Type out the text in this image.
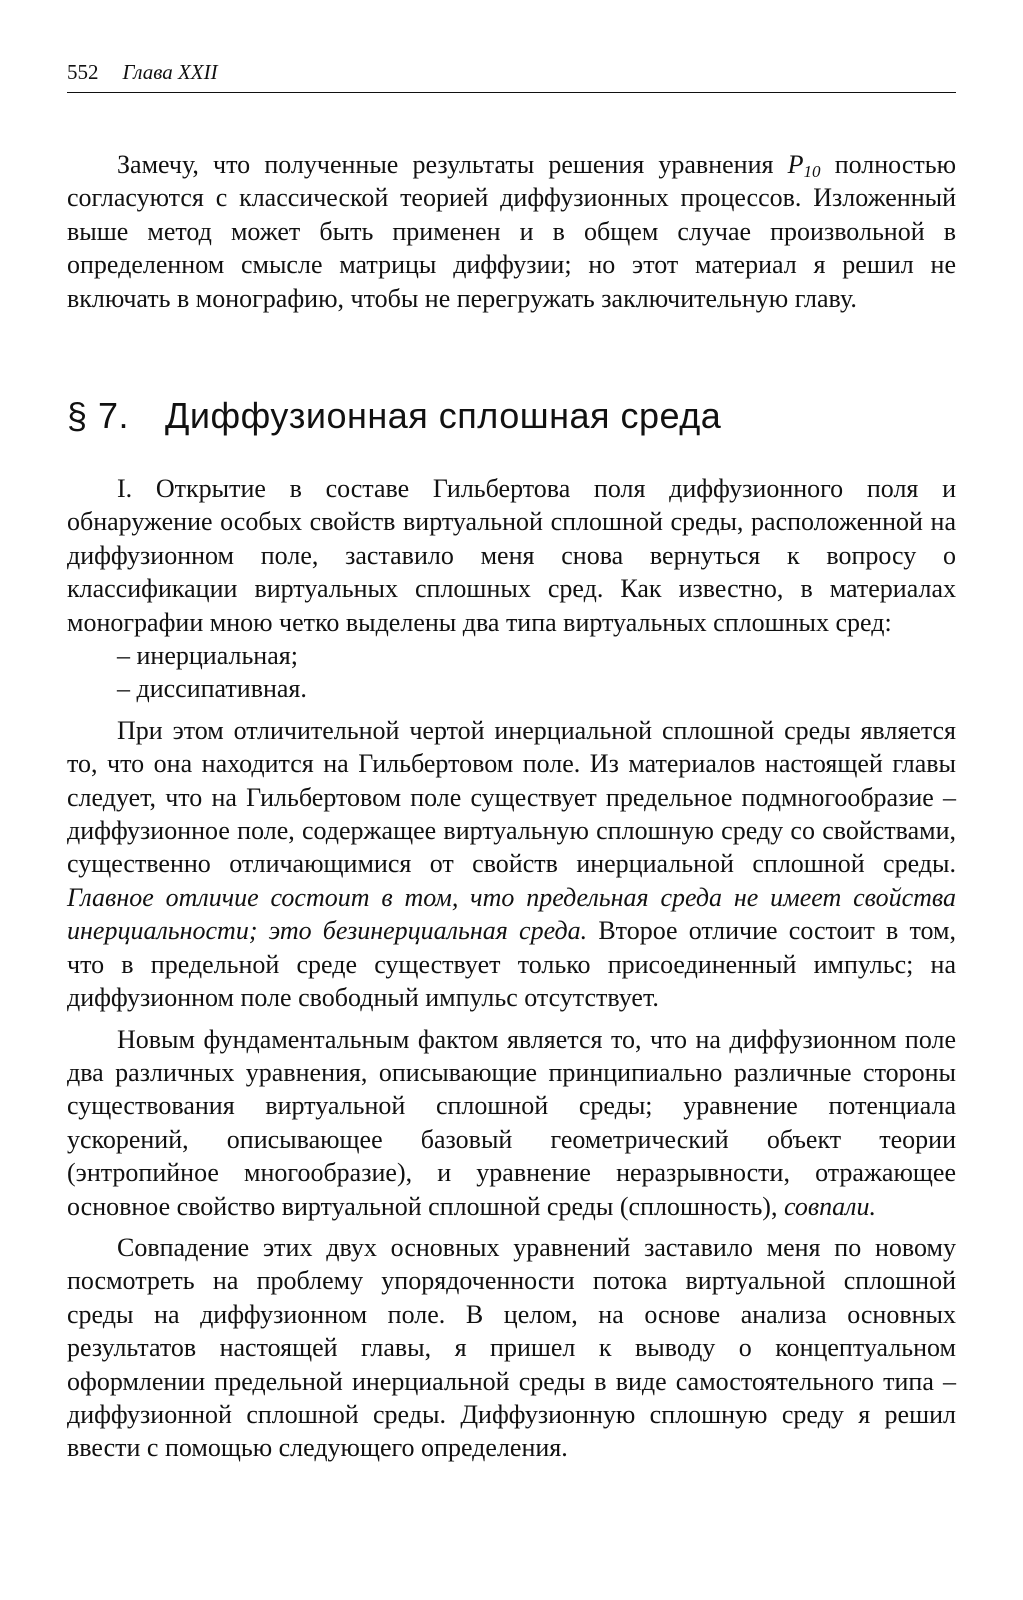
552 Глава XXII

Замечу, что полученные результаты решения уравнения $P_{10}$ полностью согласуются с классической теорией диффузионных процессов. Изложенный выше метод может быть применен и в общем случае произвольной в определенном смысле матрицы диффузии; но этот материал я решил не включать в монографию, чтобы не перегружать заключительную главу.

§ 7. Диффузионная сплошная среда

I. Открытие в составе Гильбертова поля диффузионного поля и обнаружение особых свойств виртуальной сплошной среды, расположенной на диффузионном поле, заставило меня снова вернуться к вопросу о классификации виртуальных сплошных сред. Как известно, в материалах монографии мною четко выделены два типа виртуальных сплошных сред:

– инерциальная;

– диссипативная.

При этом отличительной чертой инерциальной сплошной среды является то, что она находится на Гильбертовом поле. Из материалов настоящей главы следует, что на Гильбертовом поле существует предельное подмногообразие – диффузионное поле, содержащее виртуальную сплошную среду со свойствами, существенно отличающимися от свойств инерциальной сплошной среды. Главное отличие состоит в том, что предельная среда не имеет свойства инерциальности; это безинерциальная среда. Второе отличие состоит в том, что в предельной среде существует только присоединенный импульс; на диффузионном поле свободный импульс отсутствует.

Новым фундаментальным фактом является то, что на диффузионном поле два различных уравнения, описывающие принципиально различные стороны существования виртуальной сплошной среды; уравнение потенциала ускорений, описывающее базовый геометрический объект теории (энтропийное многообразие), и уравнение неразрывности, отражающее основное свойство виртуальной сплошной среды (сплошность), совпали.

Совпадение этих двух основных уравнений заставило меня по новому посмотреть на проблему упорядоченности потока виртуальной сплошной среды на диффузионном поле. В целом, на основе анализа основных результатов настоящей главы, я пришел к выводу о концептуальном оформлении предельной инерциальной среды в виде самостоятельного типа – диффузионной сплошной среды. Диффузионную сплошную среду я решил ввести с помощью следующего определения.
